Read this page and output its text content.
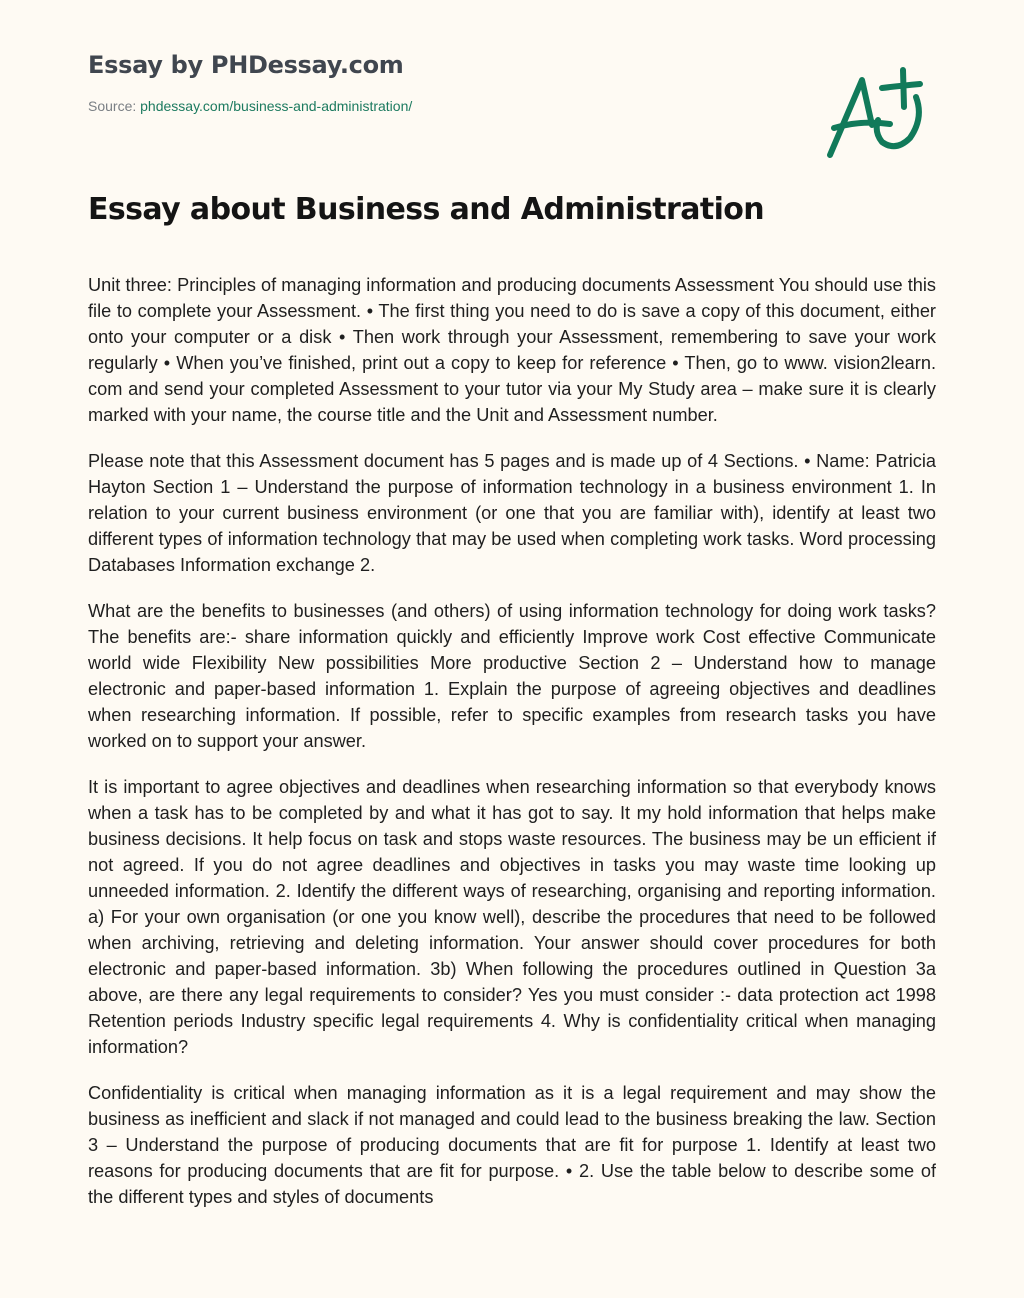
Essay by PHDessay.com
Source: phdessay.com/business-and-administration/
Essay about Business and Administration

Unit three: Principles of managing information and producing documents Assessment You should use this file to complete your Assessment. • The first thing you need to do is save a copy of this document, either onto your computer or a disk • Then work through your Assessment, remembering to save your work regularly • When you’ve finished, print out a copy to keep for reference • Then, go to www. vision2learn. com and send your completed Assessment to your tutor via your My Study area – make sure it is clearly marked with your name, the course title and the Unit and Assessment number.

Please note that this Assessment document has 5 pages and is made up of 4 Sections. • Name: Patricia Hayton Section 1 – Understand the purpose of information technology in a business environment 1. In relation to your current business environment (or one that you are familiar with), identify at least two different types of information technology that may be used when completing work tasks. Word processing Databases Information exchange 2.

What are the benefits to businesses (and others) of using information technology for doing work tasks? The benefits are:- share information quickly and efficiently Improve work Cost effective Communicate world wide Flexibility New possibilities More productive Section 2 – Understand how to manage electronic and paper-based information 1. Explain the purpose of agreeing objectives and deadlines when researching information. If possible, refer to specific examples from research tasks you have worked on to support your answer.

It is important to agree objectives and deadlines when researching information so that everybody knows when a task has to be completed by and what it has got to say. It my hold information that helps make business decisions. It help focus on task and stops waste resources. The business may be un efficient if not agreed. If you do not agree deadlines and objectives in tasks you may waste time looking up unneeded information. 2. Identify the different ways of researching, organising and reporting information. a) For your own organisation (or one you know well), describe the procedures that need to be followed when archiving, retrieving and deleting information. Your answer should cover procedures for both electronic and paper-based information. 3b) When following the procedures outlined in Question 3a above, are there any legal requirements to consider? Yes you must consider :- data protection act 1998 Retention periods Industry specific legal requirements 4. Why is confidentiality critical when managing information?

Confidentiality is critical when managing information as it is a legal requirement and may show the business as inefficient and slack if not managed and could lead to the business breaking the law. Section 3 – Understand the purpose of producing documents that are fit for purpose 1. Identify at least two reasons for producing documents that are fit for purpose. • 2. Use the table below to describe some of the different types and styles of documents
